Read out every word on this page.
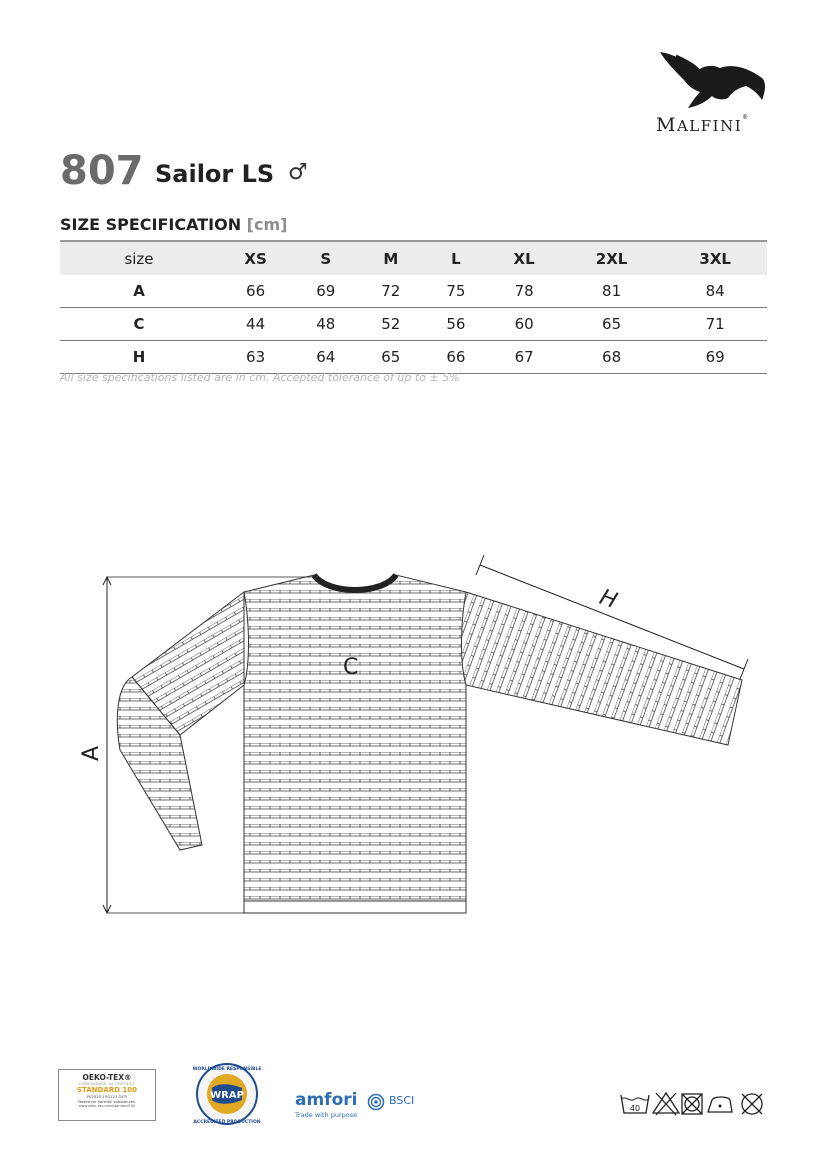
MALFINI®
807 Sailor LS ♂
SIZE SPECIFICATION [cm]
size	XS	S	M	L	XL	2XL	3XL
A	66	69	72	75	78	81	84
C	44	48	52	56	60	65	71
H	63	64	65	66	67	68	69
All size specifications listed are in cm. Accepted tolerance of up to ± 5%
A
C
H
OEKO-TEX®
CONFIDENCE IN TEXTILES
STANDARD 100
P02020 15G123 OETI
Tested for harmful substances.
www.oeko-tex.com/standard100
WRAP
WORLDWIDE RESPONSIBLE
ACCREDITED PRODUCTION
amfori	BSCI
Trade with purpose
40
